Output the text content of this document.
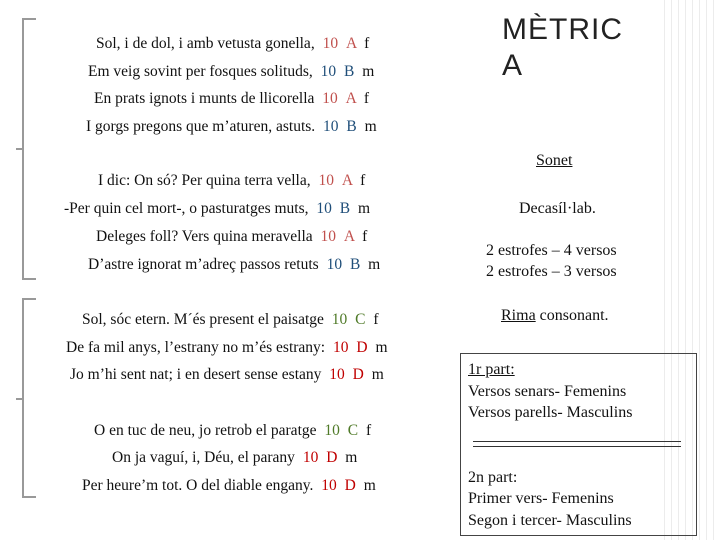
Sol, i de dol, i amb vetusta gonella, 10 A f
Em veig sovint per fosques solituds, 10 B m
En prats ignots i munts de llicorella 10 A f
I gorgs pregons que m’aturen, astuts. 10 B m
I dic: On só? Per quina terra vella, 10 A f
-Per quin cel mort-, o pasturatges muts, 10 B m
Deleges foll? Vers quina meravella 10 A f
D’astre ignorat m’adreç passos retuts 10 B m
Sol, sóc etern. M´és present el paisatge 10 C f
De fa mil anys, l’estrany no m’és estrany: 10 D m
Jo m’hi sent nat; i en desert sense estany 10 D m
O en tuc de neu, jo retrob el paratge 10 C f
On ja vaguí, i, Déu, el parany 10 D m
Per heure’m tot. O del diable engany. 10 D m
MÈTRIC
A
Sonet
Decasíl·lab.
2 estrofes – 4 versos
2 estrofes – 3 versos
Rima consonant.
1r part:
Versos senars- Femenins
Versos parells- Masculins
2n part:
Primer vers- Femenins
Segon i tercer- Masculins
